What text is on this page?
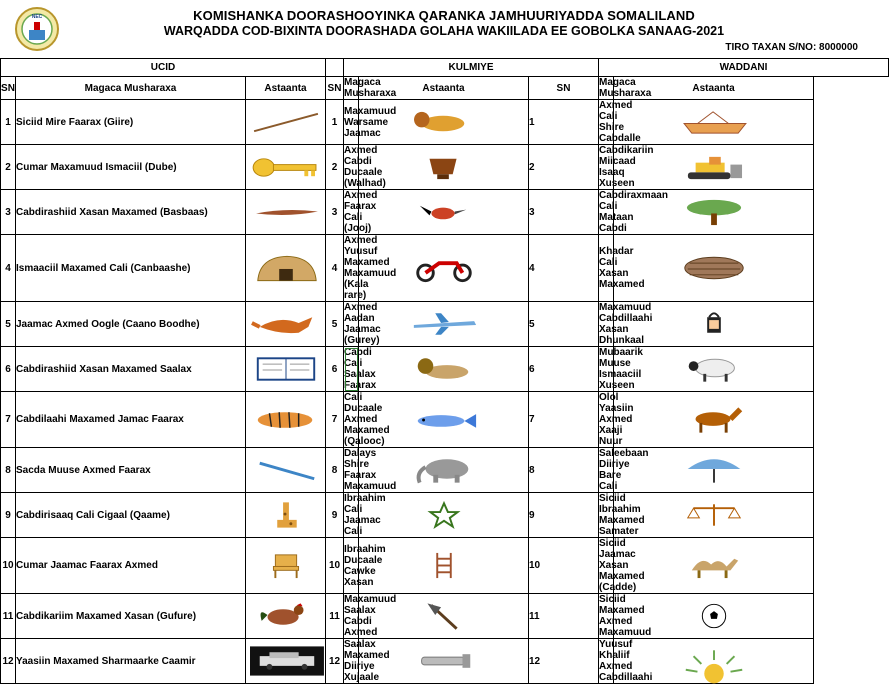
NEC	KOMISHANKA DOORASHOOYINKA QARANKA JAMHUURIYADDA SOMALILAND
WARQADDA COD-BIXINTA DOORASHADA GOLAHA WAKIILADA EE GOBOLKA SANAAG-2021
TIRO TAXAN S/NO: 8000000
UCID				KULMIYE			WADDANI	
SN	Magaca Musharaxa	Astaanta	SN	Magaca Musharaxa	Astaanta	SN	Magaca Musharaxa	Astaanta
1	Siciid Mire Faarax (Giire)		1	Maxamuud Warsame Jaamac		1	Axmed Cali Shire Cabdalle	

2	Cumar Maxamuud Ismaciil (Dube)		2	Axmed Cabdi Ducaale (Walhad)		2	Cabdikariin Miicaad Isaaq Xuseen	

3	Cabdirashiid Xasan Maxamed (Basbaas)		3	Axmed Faarax Cali (Jooj)		3	Cabdiraxmaan Cali Mataan Cabdi	

4	Ismaaciil Maxamed Cali (Canbaashe)		4	Axmed Yuusuf Maxamed Maxamuud (Kala rare)		4	Khadar Cali Xasan Maxamed	

5	Jaamac Axmed Oogle (Caano Boodhe)		5	Axmed Aadan Jaamac (Gurey)		5	Maxamuud Cabdillaahi Xasan Dhunkaal	

6	Cabdirashiid Xasan Maxamed Saalax		6	Cabdi Cali Saalax Faarax		6	Mubaarik Muuse Ismaaciil Xuseen	

7	Cabdilaahi Maxamed Jamac Faarax		7	Cali Ducaale Axmed Maxamed (Qalooc)		7	Olol Yaasiin Axmed Xaaji Nuur	

8	Sacda Muuse Axmed Faarax		8	Dalays Shire Faarax Maxamuud		8	Saleebaan Diiriye Bare Cali	

9	Cabdirisaaq Cali Cigaal (Qaame)		9	Ibraahim Cali Jaamac Cali		9	Siciid Ibraahim Maxamed Samater	

10	Cumar Jaamac Faarax Axmed		10	Ibraahim Ducaale Cawke Xasan		10	Siciid Jaamac Xasan Maxamed (Cadde)	

11	Cabdikariim Maxamed Xasan (Gufure)		11	Maxamuud Saalax Cabdi Axmed		11	Siciid Maxamed Axmed Maxamuud	

12	Yaasiin Maxamed Sharmaarke Caamir		12	Saalax Maxamed Diiriye Xujaale		12	Yuusuf Khaliif Axmed Cabdillaahi	
